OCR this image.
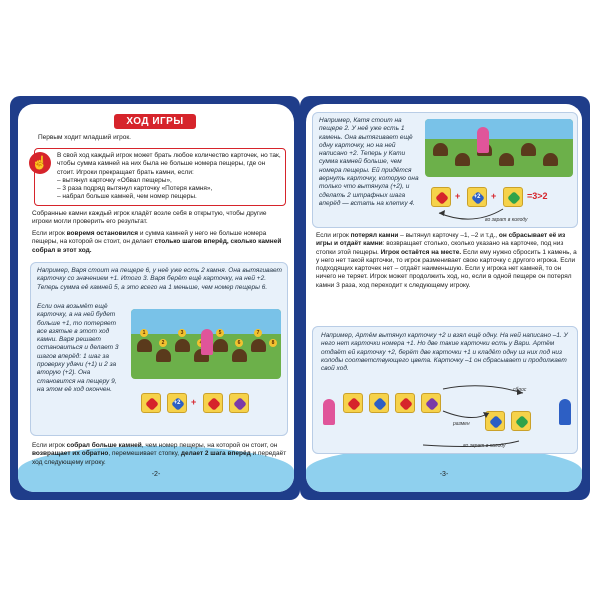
ХОД ИГРЫ
Первым ходит младший игрок.
☝	В свой ход каждый игрок может брать любое количество карточек, но так, чтобы сумма камней на них была не больше номера пещеры, где он стоит. Игроки прекращает брать камни, если:
– вытянул карточку «Обвал пещеры»,
– 3 раза подряд вытянул карточку «Потеря камня»,
– набрал больше камней, чем номер пещеры.
Собранные камни каждый игрок кладёт возле себя в открытую, чтобы другие игроки могли проверить его результат.
Если игрок вовремя остановился и сумма камней у него не больше номера пещеры, на которой он стоит, он делает столько шагов вперёд, сколько камней собрал в этот ход.
Например, Варя стоит на пещере 6, у неё уже есть 2 камня. Она вытягивает карточку со значением +1. Итого 3. Варя берёт ещё карточку, на ней +2. Теперь сумма её камней 5, а это всего на 1 меньше, чем номер пещеры 6.
Если она возьмёт ещё карточку, а на ней будет больше +1, то потеряет все взятые в этот ход камни. Варя решает остановиться и делает 3 шагов вперёд: 1 шаг за проверку удачи (+1) и 2 за вторую (+2). Она становится на пещеру 9, на этом её ход окончен.
1
2
3	5
6
7
8
+2	+
Если игрок собрал больше камней, чем номер пещеры, на которой он стоит, он возвращает их обратно, перемешивает стопку, делает 2 шага вперёд и передаёт ход следующему игроку.
-2-
Например, Катя стоит на пещере 2. У неё уже есть 1 камень. Она вытягивает ещё одну карточку, но на ней написано +2. Теперь у Кати сумма камней больше, чем номера пещеры. Ей придётся вернуть карточку, которую она только что вытянула (+2), и сделать 2 штрафных шага вперёд — встать на клетку 4.
+	+2	+	=3>2
во зврат в колоду
Если игрок потерял камни – вытянул карточку –1, –2 и т.д., он сбрасывает её из игры и отдаёт камни: возвращает столько, сколько указано на карточке, под низ стопки этой пещеры. Игрок остаётся на месте. Если ему нужно сбросить 1 камень, а у него нет такой карточки, то игрок разменивает свою карточку с другого игрока. Если подходящих карточек нет – отдаёт наименьшую. Если у игрока нет камней, то он ничего не теряет. Игрок может продолжить ход, но, если в одной пещере он потерял камни 3 раза, ход переходит к следующему игроку.
Например, Артём вытянул карточку +2 и взял ещё одну. На ней написано –1. У него нет карточки номера +1. Но две такие карточки есть у Вари. Артём отдаёт ей карточку +2, берёт две карточки +1 и кладёт одну из них под низ колоды соответствующего цвета. Карточку –1 он сбрасывает и продолжает свой ход.
сброс
размен
во зврат в колоду
-3-
